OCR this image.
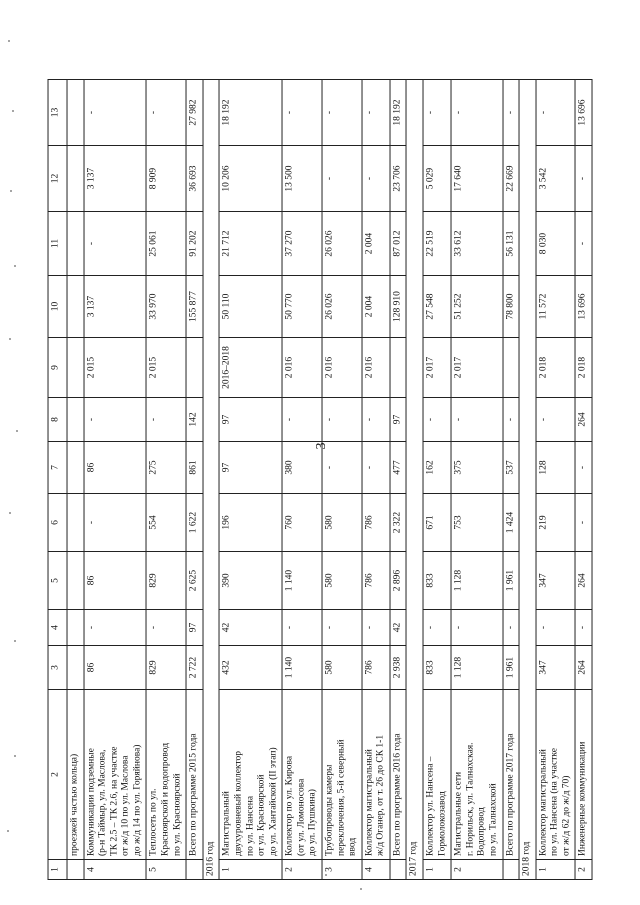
3
1	2	3	4	5	6	7	8	9	10	11	12	13
	проезжей частью кольца)											
4	Коммуникации подземные
(р-н Таймыр, ул. Маслова,
ТК 2.5 – ТК 2.6, на участке
от ж/д 10 по ул. Маслова
до ж/д 14 по ул. Горяйнова)	86	-	86	-	86	-	2 015	3 137	-	3 137	-
5	Теплосеть по ул.
Красноярской и водопровод
по ул. Красноярской	829	-	829	554	275	-	2 015	33 970	25 061	8 909	-
	Всего по программе 2015 года	2 722	97	2 625	1 622	861	142		155 877	91 202	36 693	27 982
2016 год												
1	Магистральный
двухуровневый коллектор
по ул. Нансена
от ул. Красноярской
до ул. Хантайской (II этап)	432	42	390	196	97	97	2016–2018	50 110	21 712	10 206	18 192
2	Коллектор по ул. Кирова
(от ул. Ломоносова
до ул. Пушкина)	1 140	-	1 140	760	380	-	2 016	50 770	37 270	13 500	-
3	Трубопроводы камеры
переключения, 5-й северный
ввод	580	-	580	580	-	-	2 016	26 026	26 026	-	-
4	Коллектор магистральный
ж/д Оганер, от т. 26 до СК 1-1	786	-	786	786	-	-	2 016	2 004	2 004	-	-
	Всего по программе 2016 года	2 938	42	2 896	2 322	477	97		128 910	87 012	23 706	18 192
2017 год												
1	Коллектор ул. Нансена –
Гормолокозавод	833	-	833	671	162	-	2 017	27 548	22 519	5 029	-
2	Магистральные сети
г. Норильск, ул. Талнахская.
Водопровод
по ул. Талнахской	1 128	-	1 128	753	375	-	2 017	51 252	33 612	17 640	-
	Всего по программе 2017 года	1 961	-	1 961	1 424	537	-		78 800	56 131	22 669	-
2018 год												
1	Коллектор магистральный
по ул. Нансена (на участке
от ж/д 62 до ж/д 70)	347	-	347	219	128	-	2 018	11 572	8 030	3 542	-
2	Инженерные коммуникации	264	-	264	-	-	264	2 018	13 696	-	-	13 696
